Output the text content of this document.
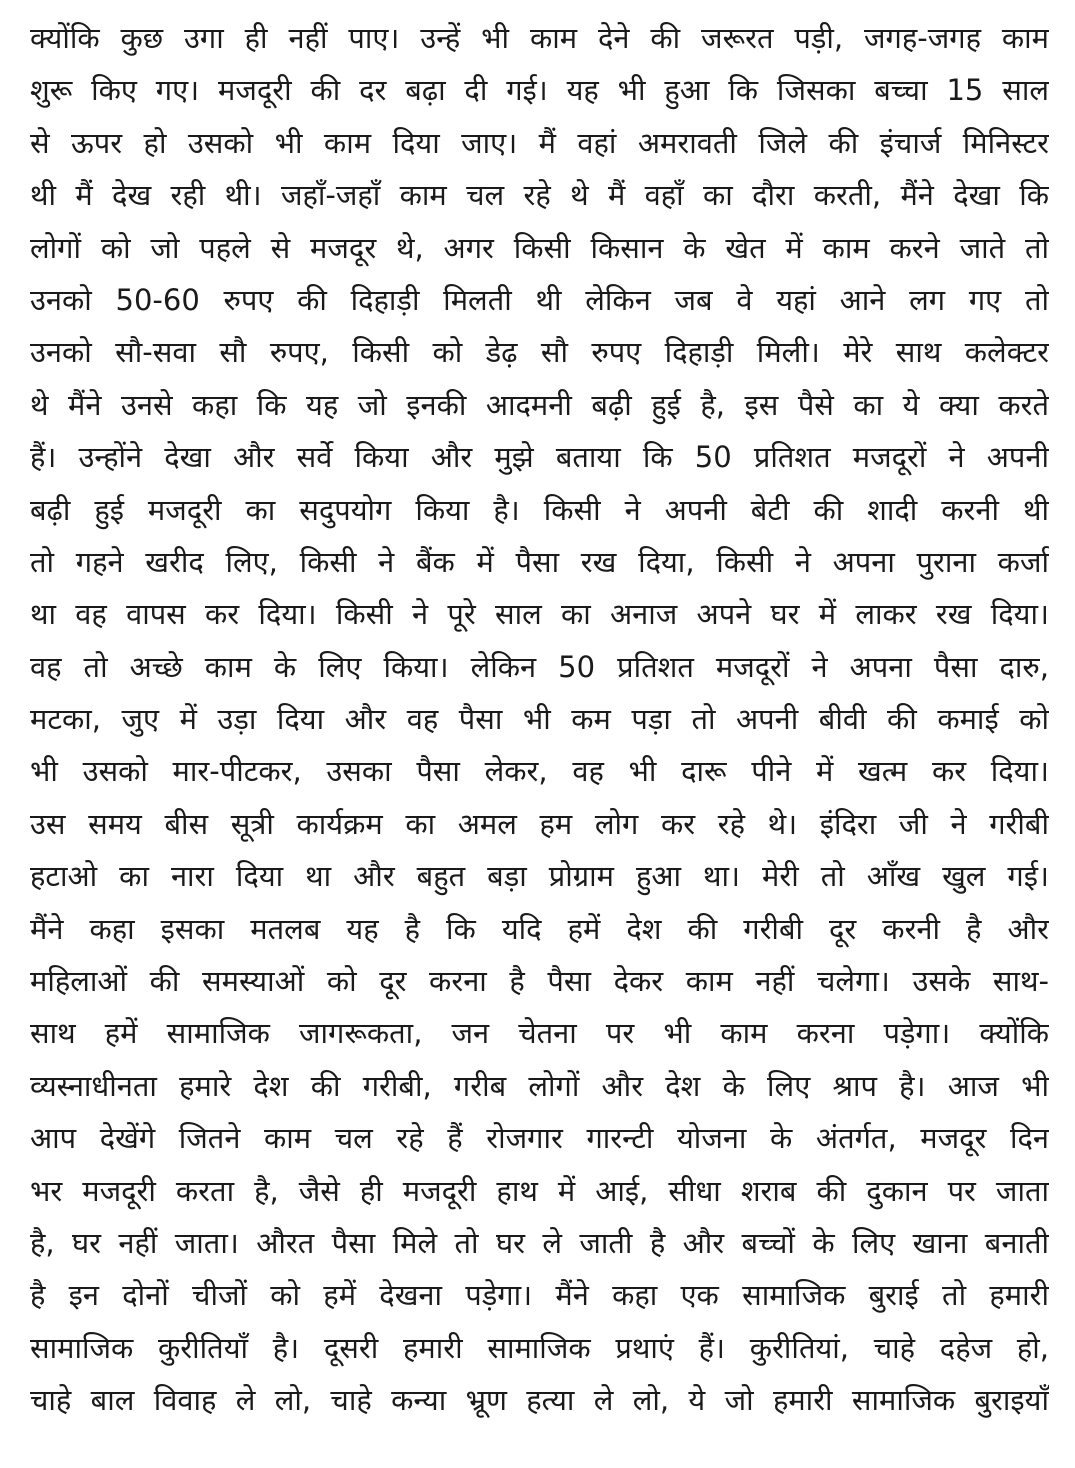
क्योंकि कुछ उगा ही नहीं पाए। उन्हें भी काम देने की जरूरत पड़ी, जगह-जगह काम
शुरू किए गए। मजदूरी की दर बढ़ा दी गई। यह भी हुआ कि जिसका बच्चा 15 साल
से ऊपर हो उसको भी काम दिया जाए। मैं वहां अमरावती जिले की इंचार्ज मिनिस्टर
थी मैं देख रही थी। जहाँ-जहाँ काम चल रहे थे मैं वहाँ का दौरा करती, मैंने देखा कि
लोगों को जो पहले से मजदूर थे, अगर किसी किसान के खेत में काम करने जाते तो
उनको 50-60 रुपए की दिहाड़ी मिलती थी लेकिन जब वे यहां आने लग गए तो
उनको सौ-सवा सौ रुपए, किसी को डेढ़ सौ रुपए दिहाड़ी मिली। मेरे साथ कलेक्टर
थे मैंने उनसे कहा कि यह जो इनकी आदमनी बढ़ी हुई है, इस पैसे का ये क्या करते
हैं। उन्होंने देखा और सर्वे किया और मुझे बताया कि 50 प्रतिशत मजदूरों ने अपनी
बढ़ी हुई मजदूरी का सदुपयोग किया है। किसी ने अपनी बेटी की शादी करनी थी
तो गहने खरीद लिए, किसी ने बैंक में पैसा रख दिया, किसी ने अपना पुराना कर्जा
था वह वापस कर दिया। किसी ने पूरे साल का अनाज अपने घर में लाकर रख दिया।
वह तो अच्छे काम के लिए किया। लेकिन 50 प्रतिशत मजदूरों ने अपना पैसा दारु,
मटका, जुए में उड़ा दिया और वह पैसा भी कम पड़ा तो अपनी बीवी की कमाई को
भी उसको मार-पीटकर, उसका पैसा लेकर, वह भी दारू पीने में खत्म कर दिया।
उस समय बीस सूत्री कार्यक्रम का अमल हम लोग कर रहे थे। इंदिरा जी ने गरीबी
हटाओ का नारा दिया था और बहुत बड़ा प्रोग्राम हुआ था। मेरी तो आँख खुल गई।
मैंने कहा इसका मतलब यह है कि यदि हमें देश की गरीबी दूर करनी है और
महिलाओं की समस्याओं को दूर करना है पैसा देकर काम नहीं चलेगा। उसके साथ-
साथ हमें सामाजिक जागरूकता, जन चेतना पर भी काम करना पड़ेगा। क्योंकि
व्यस्नाधीनता हमारे देश की गरीबी, गरीब लोगों और देश के लिए श्राप है। आज भी
आप देखेंगे जितने काम चल रहे हैं रोजगार गारन्टी योजना के अंतर्गत, मजदूर दिन
भर मजदूरी करता है, जैसे ही मजदूरी हाथ में आई, सीधा शराब की दुकान पर जाता
है, घर नहीं जाता। औरत पैसा मिले तो घर ले जाती है और बच्चों के लिए खाना बनाती
है इन दोनों चीजों को हमें देखना पड़ेगा। मैंने कहा एक सामाजिक बुराई तो हमारी
सामाजिक कुरीतियाँ है। दूसरी हमारी सामाजिक प्रथाएं हैं। कुरीतियां, चाहे दहेज हो,
चाहे बाल विवाह ले लो, चाहे कन्या भ्रूण हत्या ले लो, ये जो हमारी सामाजिक बुराइयाँ
